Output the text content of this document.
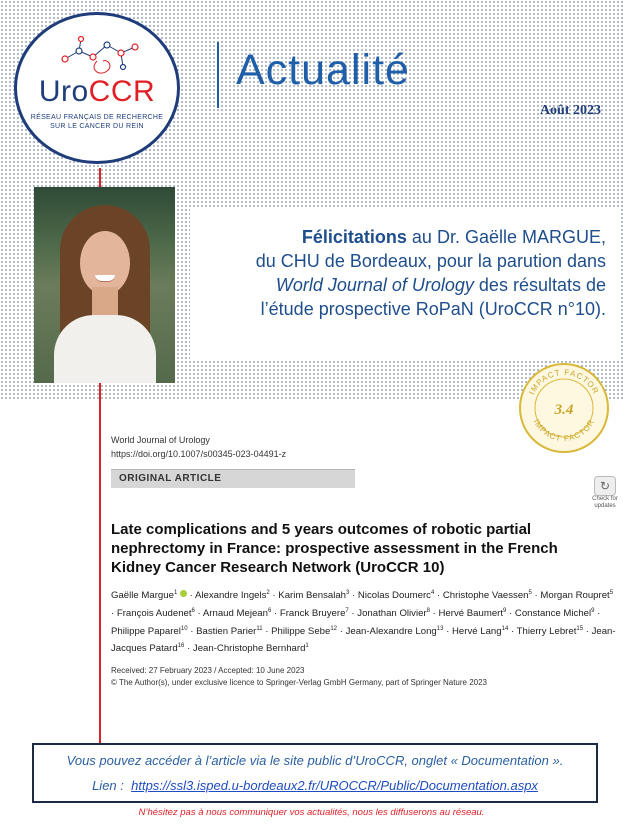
UroCCR
RÉSEAU FRANÇAIS DE RECHERCHE
SUR LE CANCER DU REIN
Actualité
Août 2023
Félicitations au Dr. Gaëlle MARGUE,
du CHU de Bordeaux, pour la parution dans
World Journal of Urology des résultats de
l’étude prospective RoPaN (UroCCR n°10).
IMPACT FACTOR
IMPACT FACTOR
3.4
World Journal of Urology
https://doi.org/10.1007/s00345-023-04491-z
ORIGINAL ARTICLE
↻
Check for updates
Late complications and 5 years outcomes of robotic partial nephrectomy in France: prospective assessment in the French Kidney Cancer Research Network (UroCCR 10)
Gaëlle Margue$^1$  · Alexandre Ingels$^2$ · Karim Bensalah$^3$ · Nicolas Doumerc$^4$ · Christophe Vaessen$^5$ · Morgan Roupret$^5$ · François Audenet$^6$ · Arnaud Mejean$^6$ · Franck Bruyere$^7$ · Jonathan Olivier$^8$ · Hervé Baumert$^9$ · Constance Michel$^9$ · Philippe Paparel$^{10}$ · Bastien Parier$^{11}$ · Philippe Sebe$^{12}$ · Jean-Alexandre Long$^{13}$ · Hervé Lang$^{14}$ · Thierry Lebret$^{15}$ · Jean-Jacques Patard$^{16}$ · Jean-Christophe Bernhard$^1$
Received: 27 February 2023 / Accepted: 10 June 2023
© The Author(s), under exclusive licence to Springer-Verlag GmbH Germany, part of Springer Nature 2023
Vous pouvez accéder à l’article via le site public d’UroCCR, onglet « Documentation ».
Lien : https://ssl3.isped.u-bordeaux2.fr/UROCCR/Public/Documentation.aspx
N’hésitez pas à nous communiquer vos actualités, nous les diffuserons au réseau.
